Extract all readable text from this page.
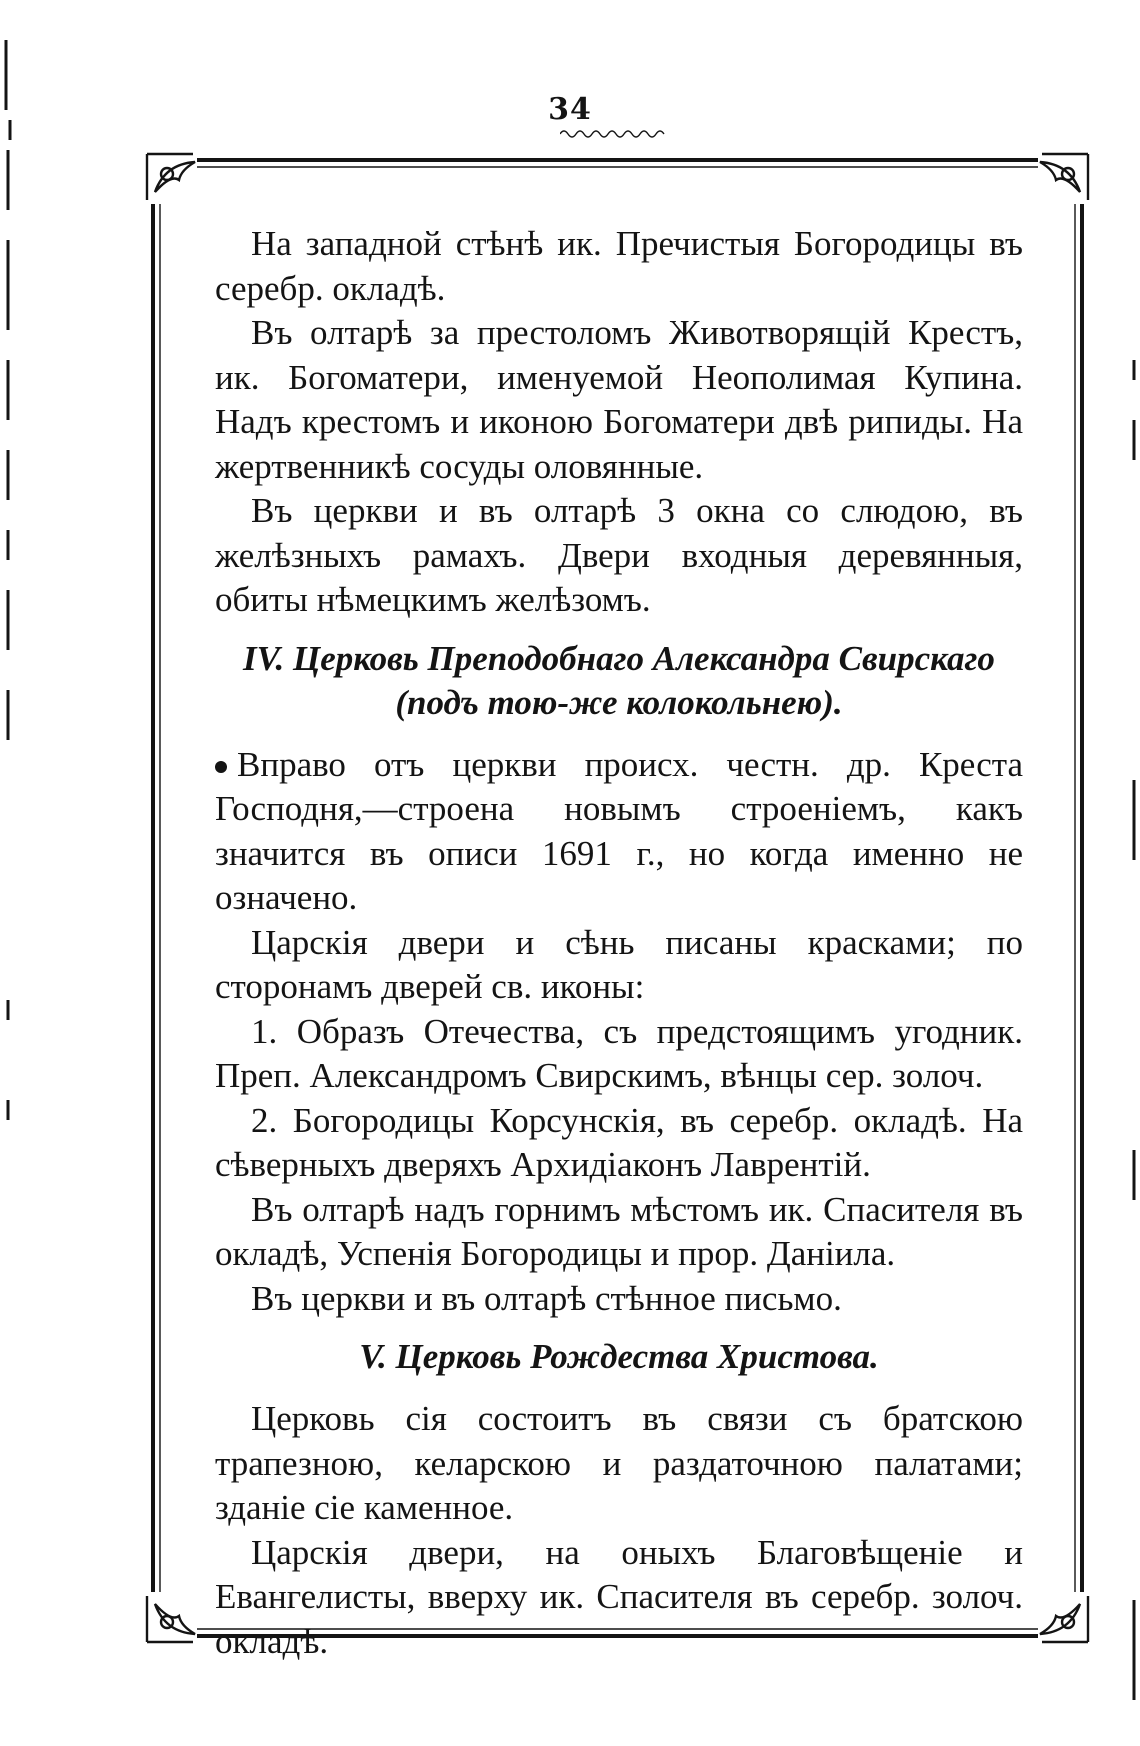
34

На западной стѣнѣ ик. Пречистыя Богородицы въ серебр. окладѣ.

Въ олтарѣ за престоломъ Животворящій Крестъ, ик. Богоматери, именуемой Неополимая Купина. Надъ крестомъ и иконою Богоматери двѣ рипиды. На жертвенникѣ сосуды оловянные.

Въ церкви и въ олтарѣ 3 окна со слюдою, въ желѣзныхъ рамахъ. Двери входныя деревянныя, обиты нѣмецкимъ желѣзомъ.

IV. Церковь Преподобнаго Александра Свирскаго
(подъ тою-же колокольнею).

Вправо отъ церкви происх. честн. др. Креста Господня,—строена новымъ строеніемъ, какъ значится въ описи 1691 г., но когда именно не означено.

Царскія двери и сѣнь писаны красками; по сторонамъ дверей св. иконы:

1. Образъ Отечества, съ предстоящимъ угодник. Преп. Александромъ Свирскимъ, вѣнцы сер. золоч.

2. Богородицы Корсунскія, въ серебр. окладѣ. На сѣверныхъ дверяхъ Архидіаконъ Лаврентій.

Въ олтарѣ надъ горнимъ мѣстомъ ик. Спасителя въ окладѣ, Успенія Богородицы и прор. Даніила.

Въ церкви и въ олтарѣ стѣнное письмо.

V. Церковь Рождества Христова.

Церковь сія состоитъ въ связи съ братскою трапезною, келарскою и раздаточною палатами; зданіе сіе каменное.

Царскія двери, на оныхъ Благовѣщеніе и Евангелисты, вверху ик. Спасителя въ серебр. золоч. окладѣ.
